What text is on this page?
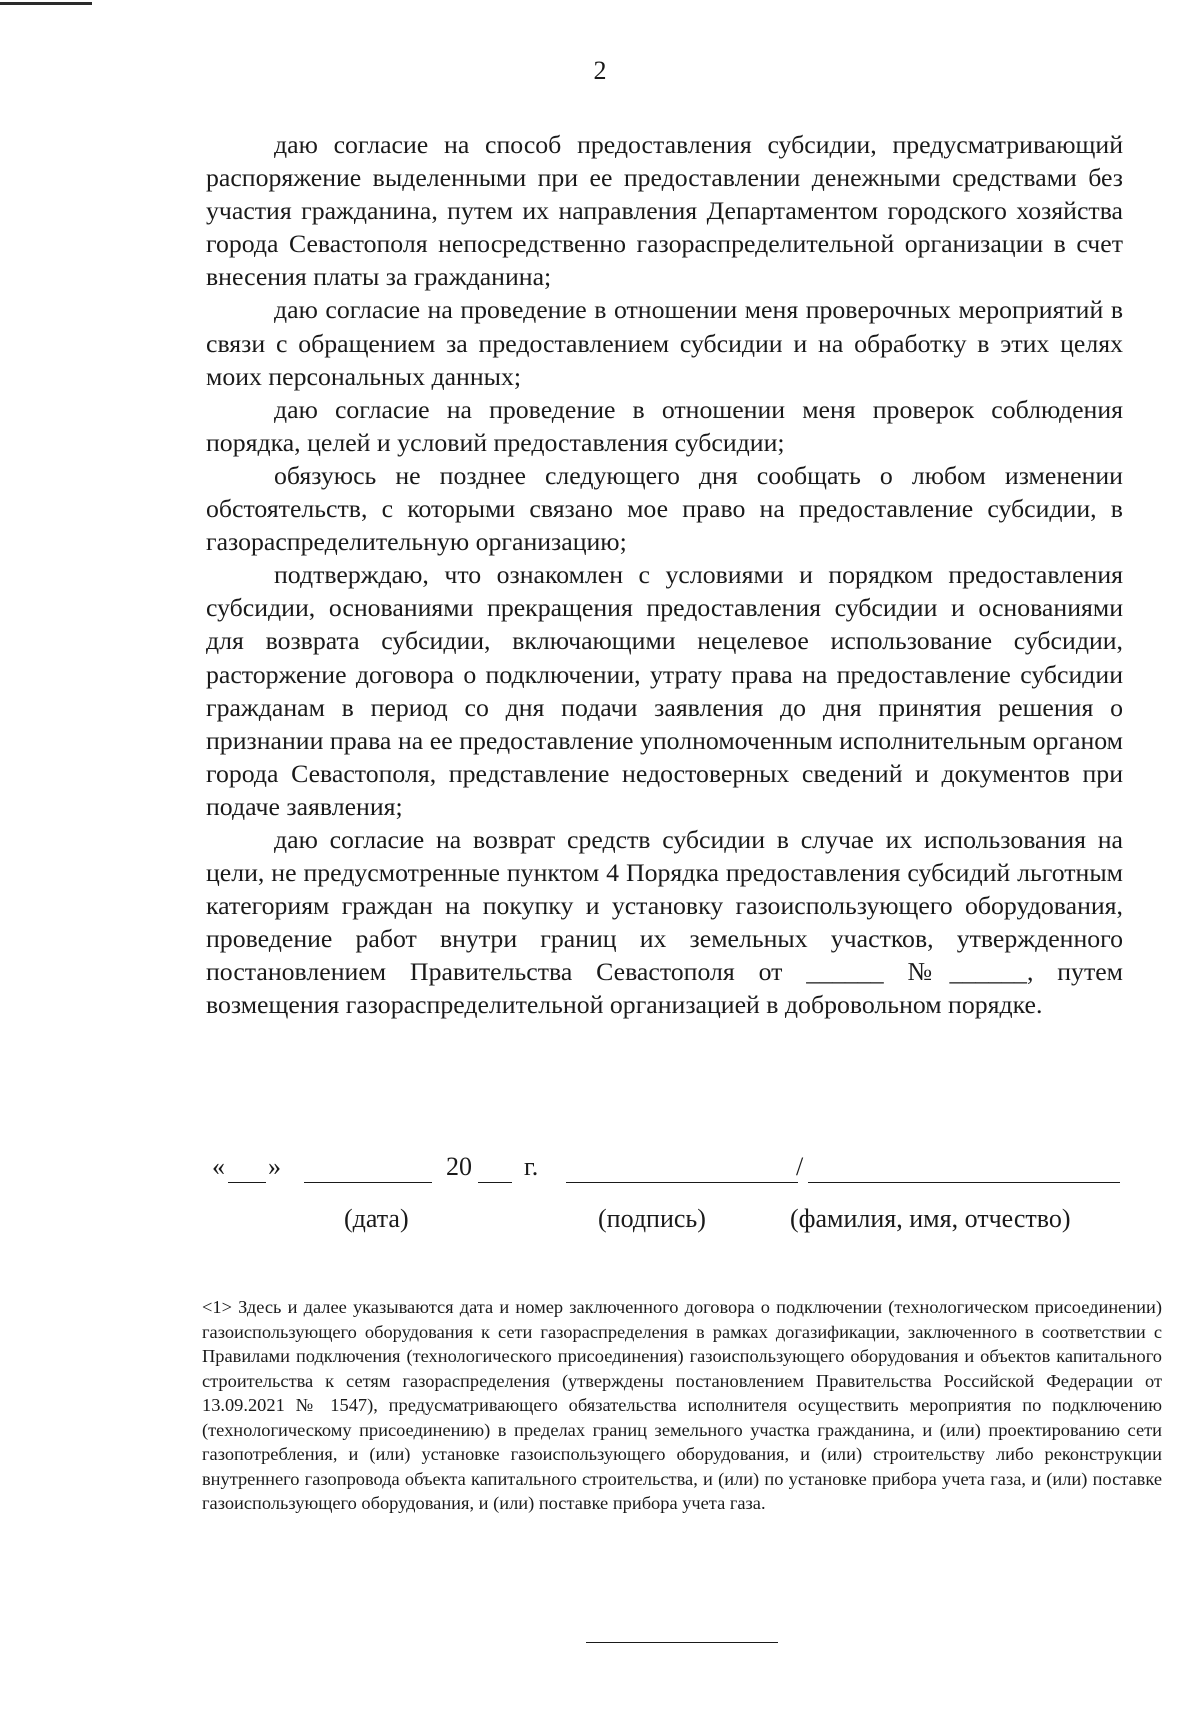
2

даю согласие на способ предоставления субсидии, предусматривающий распоряжение выделенными при ее предоставлении денежными средствами без участия гражданина, путем их направления Департаментом городского хозяйства города Севастополя непосредственно газораспределительной организации в счет внесения платы за гражданина;

даю согласие на проведение в отношении меня проверочных мероприятий в связи с обращением за предоставлением субсидии и на обработку в этих целях моих персональных данных;

даю согласие на проведение в отношении меня проверок соблюдения порядка, целей и условий предоставления субсидии;

обязуюсь не позднее следующего дня сообщать о любом изменении обстоятельств, с которыми связано мое право на предоставление субсидии, в газораспределительную организацию;

подтверждаю, что ознакомлен с условиями и порядком предоставления субсидии, основаниями прекращения предоставления субсидии и основаниями для возврата субсидии, включающими нецелевое использование субсидии, расторжение договора о подключении, утрату права на предоставление субсидии гражданам в период со дня подачи заявления до дня принятия решения о признании права на ее предоставление уполномоченным исполнительным органом города Севастополя, представление недостоверных сведений и документов при подаче заявления;

даю согласие на возврат средств субсидии в случае их использования на цели, не предусмотренные пунктом 4 Порядка предоставления субсидий льготным категориям граждан на покупку и установку газоиспользующего оборудования, проведение работ внутри границ их земельных участков, утвержденного постановлением Правительства Севастополя от ______ №______, путем возмещения газораспределительной организацией в добровольном порядке.

« »	20 г.	/
(дата)	(подпись)	(фамилия, имя, отчество)
<1> Здесь и далее указываются дата и номер заключенного договора о подключении (технологическом присоединении) газоиспользующего оборудования к сети газораспределения в рамках догазификации, заключенного в соответствии с Правилами подключения (технологического присоединения) газоиспользующего оборудования и объектов капитального строительства к сетям газораспределения (утверждены постановлением Правительства Российской Федерации от 13.09.2021 № 1547), предусматривающего обязательства исполнителя осуществить мероприятия по подключению (технологическому присоединению) в пределах границ земельного участка гражданина, и (или) проектированию сети газопотребления, и (или) установке газоиспользующего оборудования, и (или) строительству либо реконструкции внутреннего газопровода объекта капитального строительства, и (или) по установке прибора учета газа, и (или) поставке газоиспользующего оборудования, и (или) поставке прибора учета газа.
